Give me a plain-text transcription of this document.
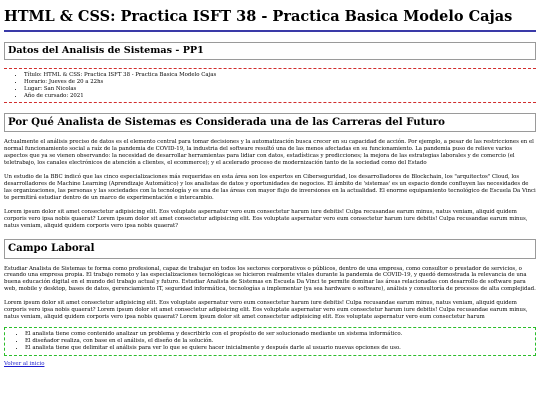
HTML & CSS: Practica ISFT 38 - Practica Basica Modelo Cajas
Datos del Analisis de Sistemas - PP1
• Título: HTML & CSS: Practica ISFT 38 - Practica Basica Modelo Cajas
• Horario: Jueves de 20 a 22hs
• Lugar: San Nicolas
• Año de cursado: 2021
Por Qué Analista de Sistemas es Considerada una de las Carreras del Futuro

Actualmente el análisis preciso de datos es el elemento central para tomar decisiones y la automatización busca crecer en su capacidad de acción. Por ejemplo, a pesar de las restricciones en el normal funcionamiento social a raíz de la pandemia de COVID-19, la industria del software resultó una de las menos afectadas en su funcionamiento. La pandemia puso de relieve varios aspectos que ya se vienen observando: la necesidad de desarrollar herramientas para lidiar con datos, estadísticas y predicciones; la mejora de las estrategias laborales y de comercio (el teletrabajo, los canales electrónicos de atención a clientes, el ecommerce); y el acelerado proceso de modernización tanto de la sociedad como del Estado

Un estudio de la BBC indicó que las cinco especializaciones más requeridas en esta área son los expertos en Ciberseguridad, los desarrolladores de Blockchain, los "arquitectos" Cloud, los desarrolladores de Machine Learning (Aprendizaje Automático) y los analistas de datos y oportunidades de negocios. El ámbito de 'sistemas' es un espacio donde confluyen las necesidades de las organizaciones, las personas y las sociedades con la tecnología y es una de las áreas con mayor flujo de inversiones en la actualidad. El enorme equipamiento tecnológico de Escuela Da Vinci te permitirá estudiar dentro de un marco de experimentación e intercambio.

Lorem ipsum dolor sit amet consectetur adipisicing elit. Eos voluptate aspernatur vero eum consectetur harum iure debitis! Culpa recusandae earum minus, natus veniam, aliquid quidem corporis vero ipsa nobis quaerat? Lorem ipsum dolor sit amet consectetur adipisicing elit. Eos voluptate aspernatur vero eum consectetur harum iure debitis! Culpa recusandae earum minus, natus veniam, aliquid quidem corporis vero ipsa nobis quaerat?

Campo Laboral

Estudiar Analista de Sistemas te forma como profesional, capaz de trabajar en todos los sectores corporativos o públicos, dentro de una empresa, como consultor o prestador de servicios, o creando una empresa propia. El trabajo remoto y las especializaciones tecnológicas se hicieron realmente vitales durante la pandemia de COVID-19, y quedó demostrada la relevancia de una buena educación digital en el mundo del trabajo actual y futuro. Estudiar Analista de Sistemas en Escuela Da Vinci te permite dominar las áreas relacionadas con desarrollo de software para web, mobile y desktop, bases de datos, gerenciamiento IT, seguridad informática, tecnologías a implementar (ya sea hardware o software), análisis y consultoría de procesos de alta complejidad.

Lorem ipsum dolor sit amet consectetur adipisicing elit. Eos voluptate aspernatur vero eum consectetur harum iure debitis! Culpa recusandae earum minus, natus veniam, aliquid quidem corporis vero ipsa nobis quaerat? Lorem ipsum dolor sit amet consectetur adipisicing elit. Eos voluptate aspernatur vero eum consectetur harum iure debitis! Culpa recusandae earum minus, natus veniam, aliquid quidem corporis vero ipsa nobis quaerat? Lorem ipsum dolor sit amet consectetur adipisicing elit. Eos voluptate aspernatur vero eum consectetur harum

• El analista tiene como contenido analizar un problema y describirlo con el propósito de ser solucionado mediante un sistema informático.
• El diseñador realiza, con base en el análisis, el diseño de la solución.
• El analista tiene que delimitar el análisis para ver lo que se quiere hacer inicialmente y después darle al usuario nuevas opciones de uso.
Volver al inicio
